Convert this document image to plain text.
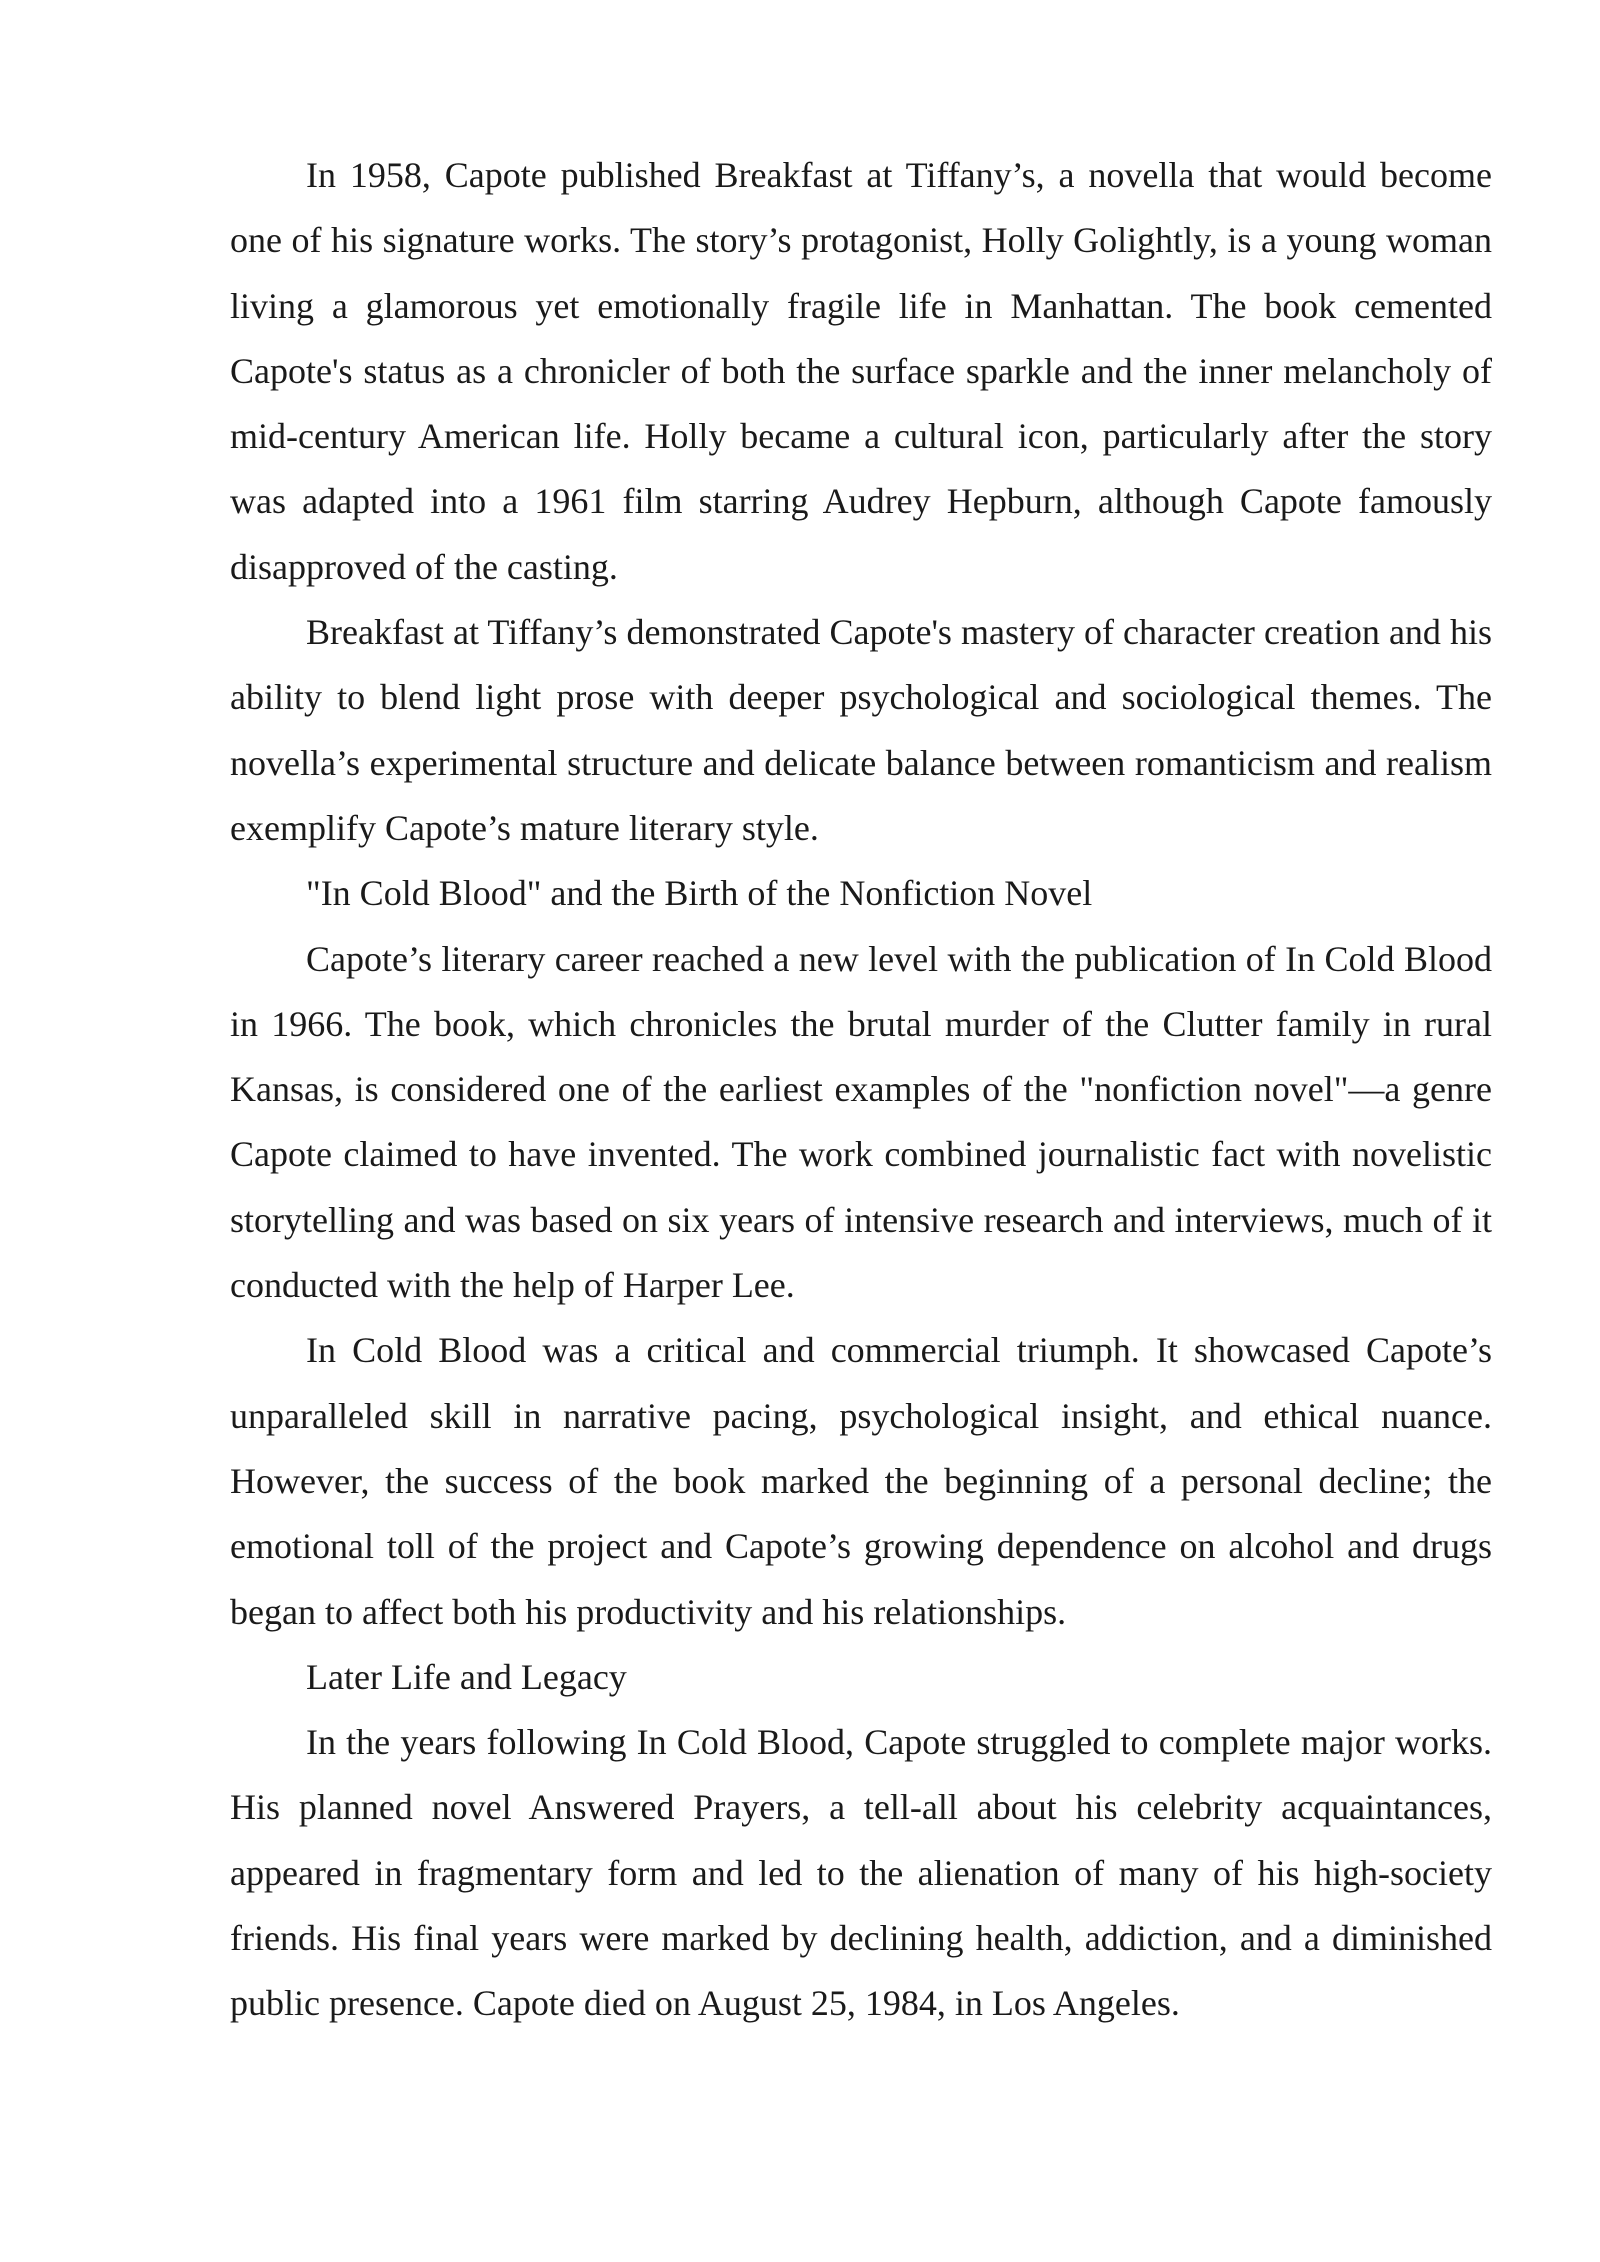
In 1958, Capote published Breakfast at Tiffany’s, a novella that would become one of his signature works. The story’s protagonist, Holly Golightly, is a young woman living a glamorous yet emotionally fragile life in Manhattan. The book cemented Capote's status as a chronicler of both the surface sparkle and the inner melancholy of mid-century American life. Holly became a cultural icon, particularly after the story was adapted into a 1961 film starring Audrey Hepburn, although Capote famously disapproved of the casting.

Breakfast at Tiffany’s demonstrated Capote's mastery of character creation and his ability to blend light prose with deeper psychological and sociological themes. The novella’s experimental structure and delicate balance between romanticism and realism exemplify Capote’s mature literary style.

"In Cold Blood" and the Birth of the Nonfiction Novel

Capote’s literary career reached a new level with the publication of In Cold Blood in 1966. The book, which chronicles the brutal murder of the Clutter family in rural Kansas, is considered one of the earliest examples of the "nonfiction novel"—a genre Capote claimed to have invented. The work combined journalistic fact with novelistic storytelling and was based on six years of intensive research and interviews, much of it conducted with the help of Harper Lee.

In Cold Blood was a critical and commercial triumph. It showcased Capote’s unparalleled skill in narrative pacing, psychological insight, and ethical nuance. However, the success of the book marked the beginning of a personal decline; the emotional toll of the project and Capote’s growing dependence on alcohol and drugs began to affect both his productivity and his relationships.

Later Life and Legacy

In the years following In Cold Blood, Capote struggled to complete major works. His planned novel Answered Prayers, a tell-all about his celebrity acquaintances, appeared in fragmentary form and led to the alienation of many of his high-society friends. His final years were marked by declining health, addiction, and a diminished public presence. Capote died on August 25, 1984, in Los Angeles.
